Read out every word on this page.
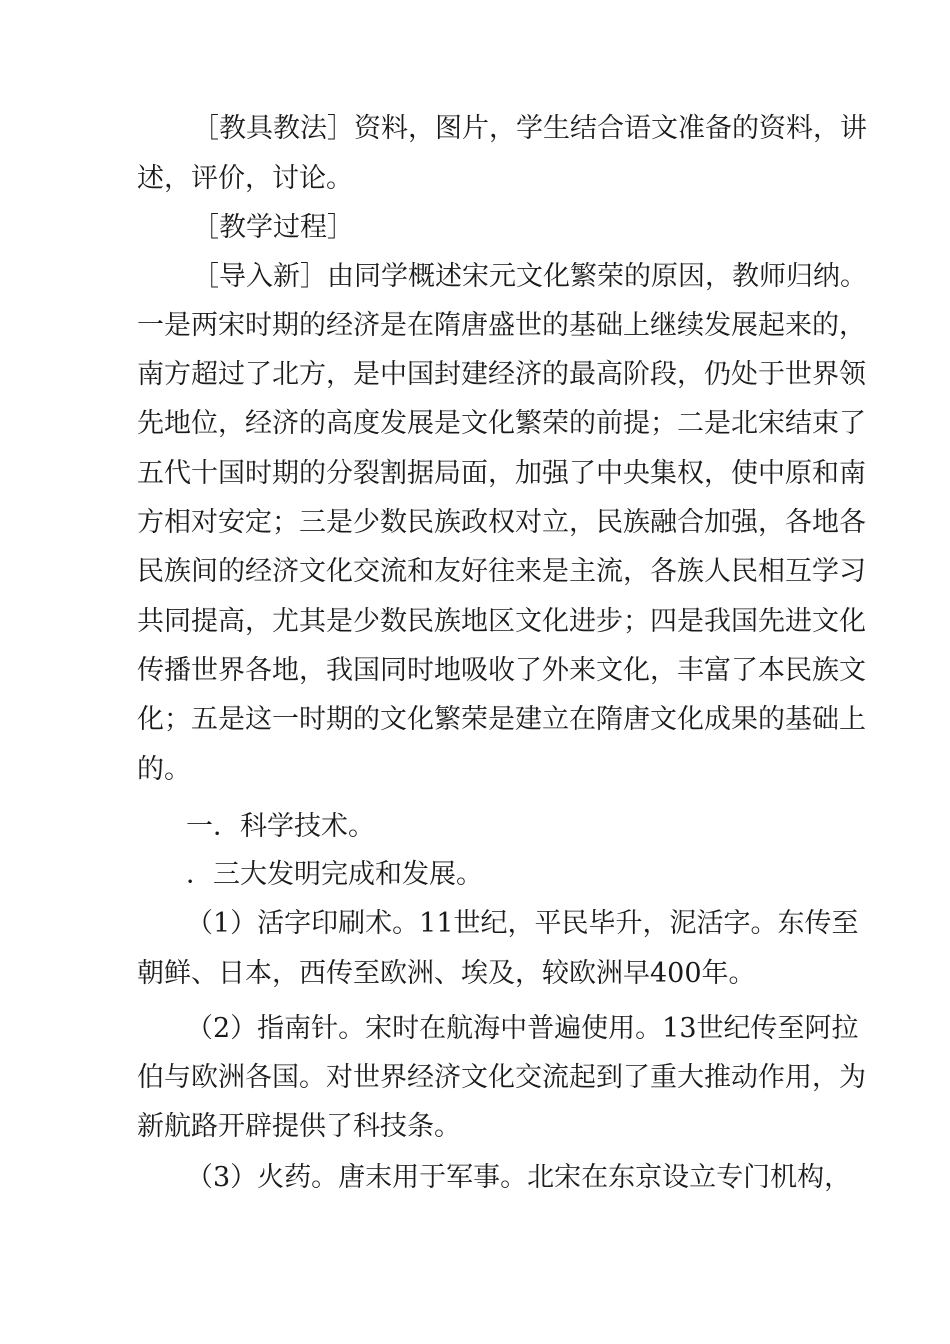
［教具教法］资料，图片，学生结合语文准备的资料，讲
述，评价，讨论。
［教学过程］
［导入新］由同学概述宋元文化繁荣的原因，教师归纳。
一是两宋时期的经济是在隋唐盛世的基础上继续发展起来的，
南方超过了北方，是中国封建经济的最高阶段，仍处于世界领
先地位，经济的高度发展是文化繁荣的前提；二是北宋结束了
五代十国时期的分裂割据局面，加强了中央集权，使中原和南
方相对安定；三是少数民族政权对立，民族融合加强，各地各
民族间的经济文化交流和友好往来是主流，各族人民相互学习
共同提高，尤其是少数民族地区文化进步；四是我国先进文化
传播世界各地，我国同时地吸收了外来文化，丰富了本民族文
化；五是这一时期的文化繁荣是建立在隋唐文化成果的基础上
的。
一．科学技术。
．三大发明完成和发展。
（1）活字印刷术。11世纪，平民毕升，泥活字。东传至
朝鲜、日本，西传至欧洲、埃及，较欧洲早400年。
（2）指南针。宋时在航海中普遍使用。13世纪传至阿拉
伯与欧洲各国。对世界经济文化交流起到了重大推动作用，为
新航路开辟提供了科技条。
（3）火药。唐末用于军事。北宋在东京设立专门机构，
